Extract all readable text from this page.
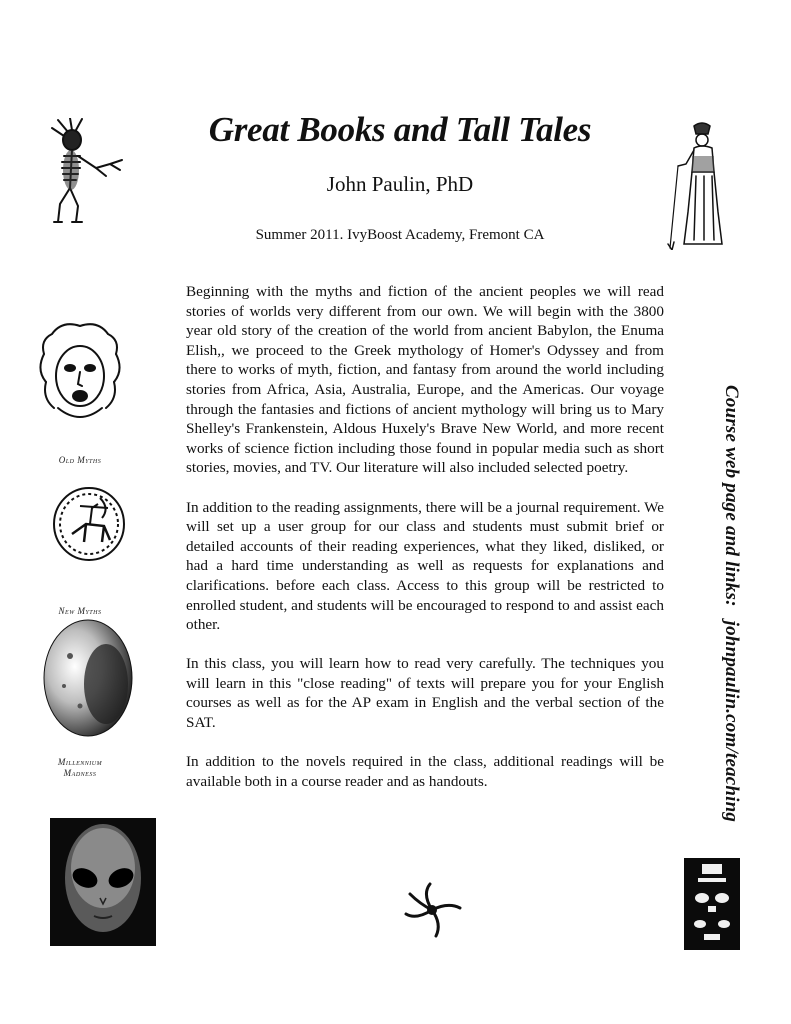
Great Books and Tall Tales
John Paulin, PhD
Summer 2011. IvyBoost Academy, Fremont CA

Beginning with the myths and fiction of the ancient peoples we will read stories of worlds very different from our own. We will begin with the 3800 year old story of the creation of the world from ancient Babylon, the Enuma Elish,, we proceed to the Greek mythology of Homer's Odyssey and from there to works of myth, fiction, and fantasy from around the world including stories from Africa, Asia, Australia, Europe, and the Americas. Our voyage through the fantasies and fictions of ancient mythology will bring us to Mary Shelley's Frankenstein, Aldous Huxely's Brave New World, and more recent works of science fiction including those found in popular media such as short stories, movies, and TV. Our literature will also included selected poetry.

In addition to the reading assignments, there will be a journal requirement. We will set up a user group for our class and students must submit brief or detailed accounts of their reading experiences, what they liked, disliked, or had a hard time understanding as well as requests for explanations and clarifications. before each class. Access to this group will be restricted to enrolled student, and students will be encouraged to respond to and assist each other.

In this class, you will learn how to read very carefully. The techniques you will learn in this "close reading" of texts will prepare you for your English courses as well as for the AP exam in English and the verbal section of the SAT.

In addition to the novels required in the class, additional readings will be available both in a course reader and as handouts.

Course web page and links:johnpaulin.com/teaching
Old Myths
New Myths
Millennium
Madness
